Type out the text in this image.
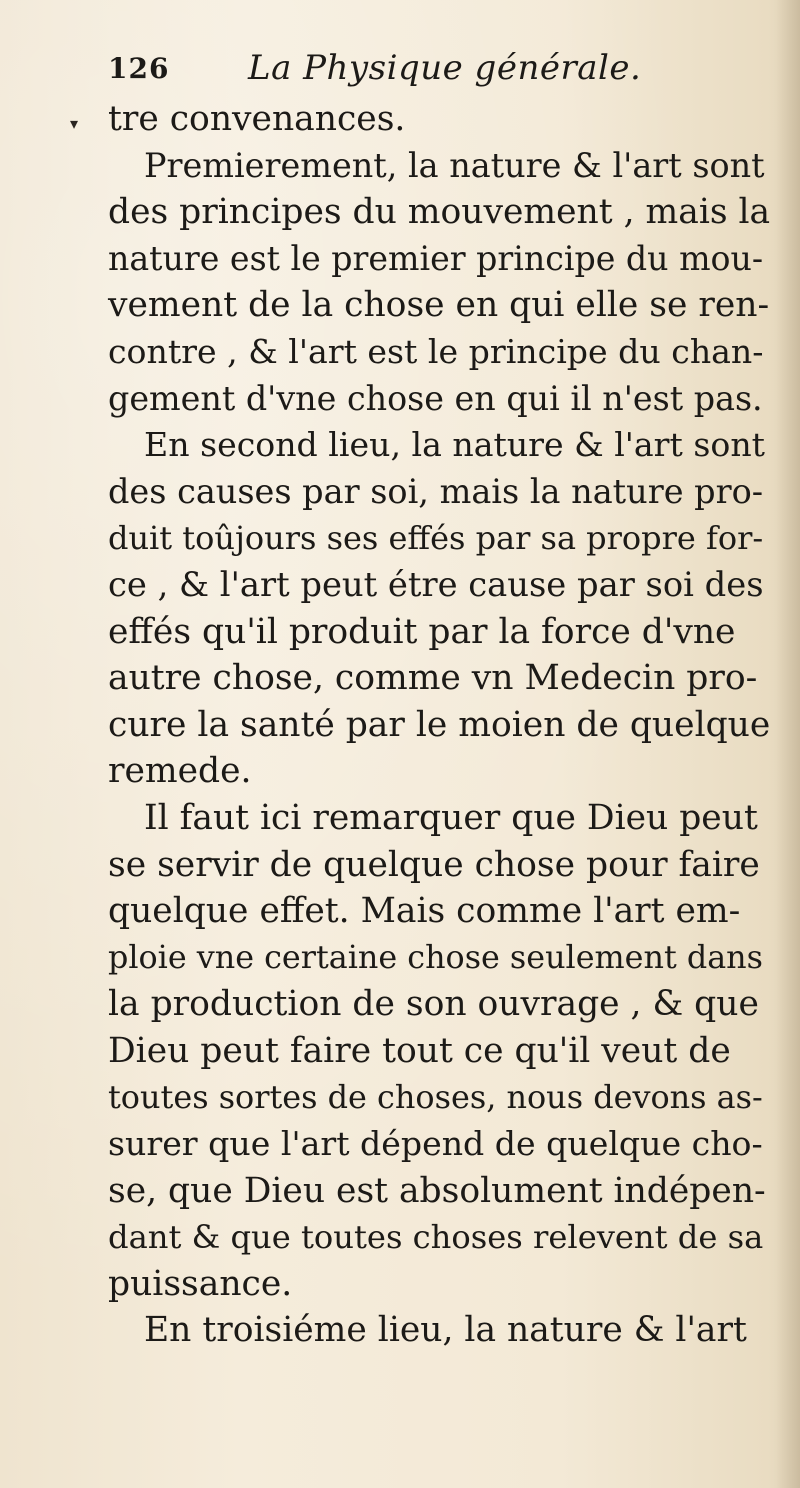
126 La Physique générale.
▾ tre convenances.
Premierement, la nature & l'art sont
des principes du mouvement , mais la
nature est le premier principe du mou-
vement de la chose en qui elle se ren-
contre , & l'art est le principe du chan-
gement d'vne chose en qui il n'est pas.
En second lieu, la nature & l'art sont
des causes par soi, mais la nature pro-
duit toûjours ses effés par sa propre for-
ce , & l'art peut étre cause par soi des
effés qu'il produit par la force d'vne
autre chose, comme vn Medecin pro-
cure la santé par le moien de quelque
remede.
Il faut ici remarquer que Dieu peut
se servir de quelque chose pour faire
quelque effet. Mais comme l'art em-
ploie vne certaine chose seulement dans
la production de son ouvrage , & que
Dieu peut faire tout ce qu'il veut de
toutes sortes de choses, nous devons as-
surer que l'art dépend de quelque cho-
se, que Dieu est absolument indépen-
dant & que toutes choses relevent de sa
puissance.
En troisiéme lieu, la nature & l'art
